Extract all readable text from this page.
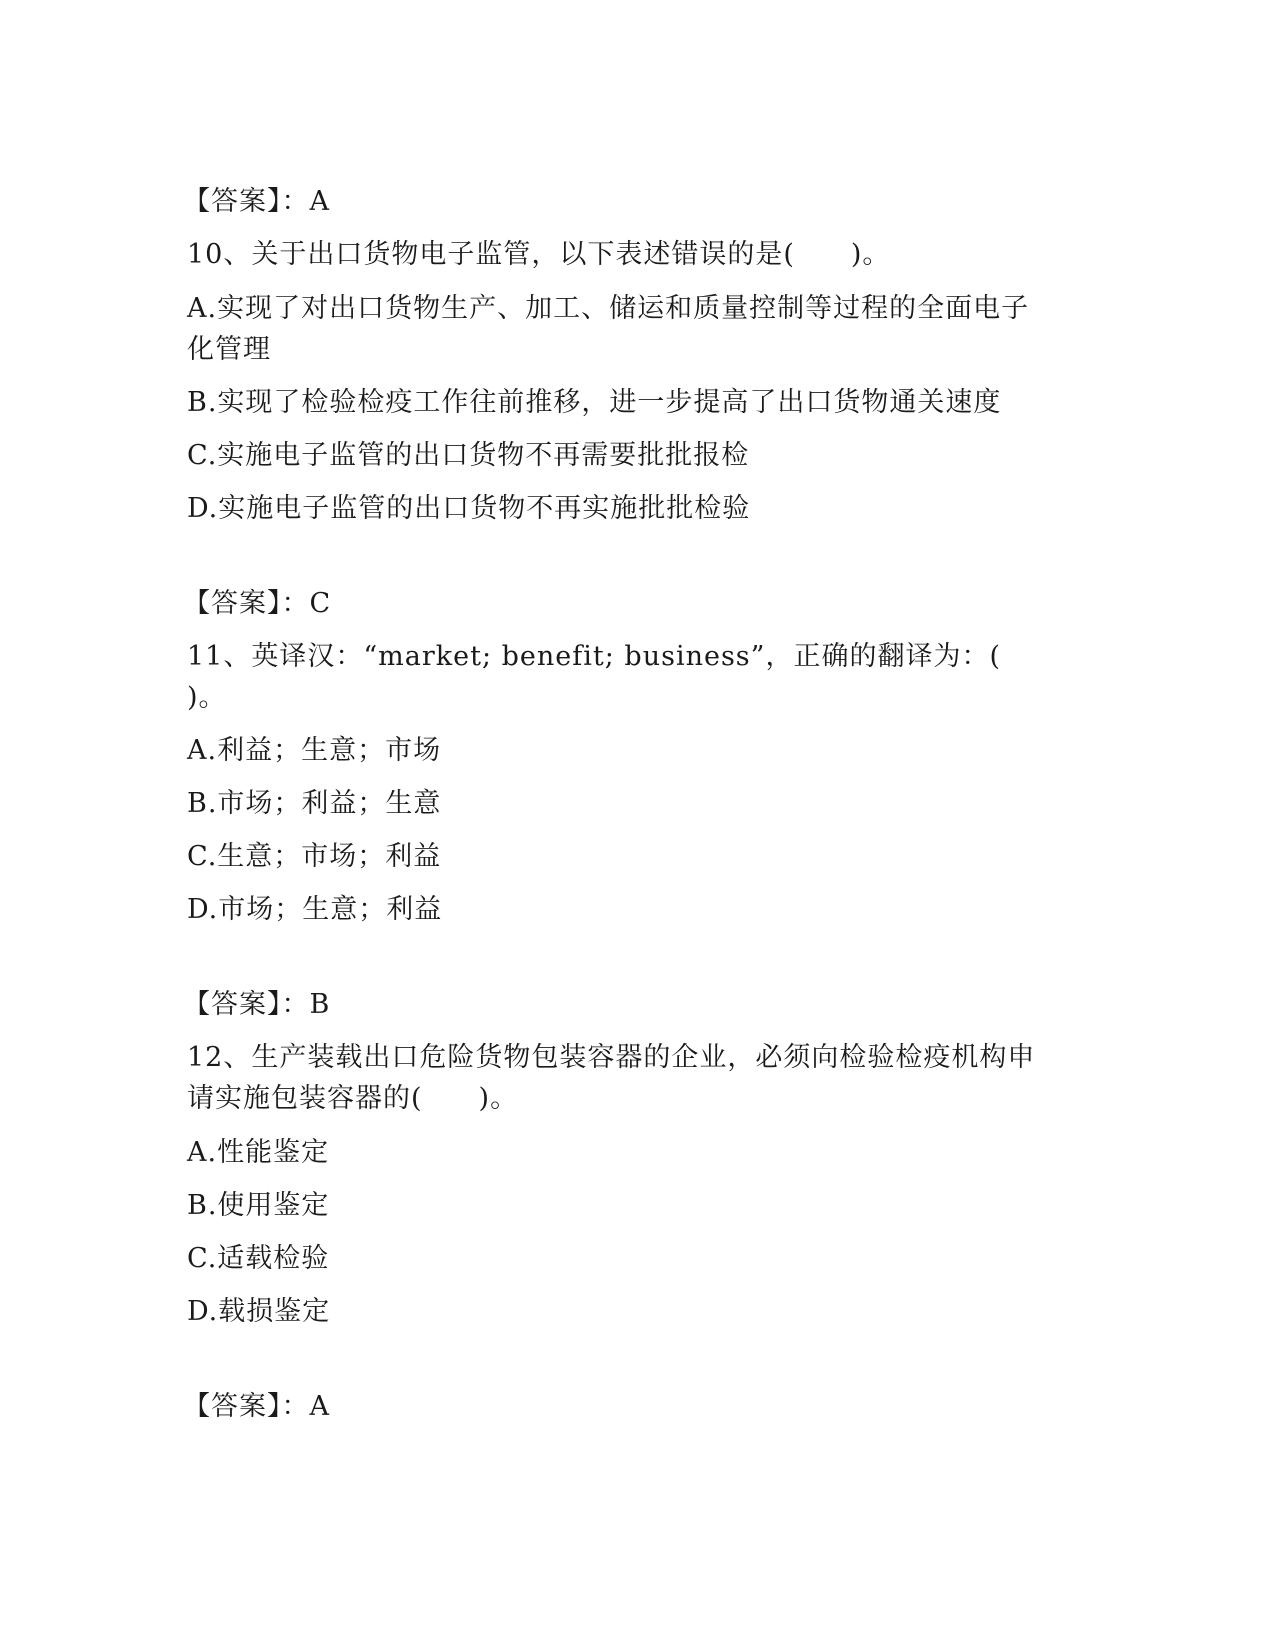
【答案】：A
10、关于出口货物电子监管，以下表述错误的是(　　)。
A.实现了对出口货物生产、加工、储运和质量控制等过程的全面电子
化管理
B.实现了检验检疫工作往前推移，进一步提高了出口货物通关速度
C.实施电子监管的出口货物不再需要批批报检
D.实施电子监管的出口货物不再实施批批检验
【答案】：C
11、英译汉：“market; benefit; business”，正确的翻译为：(
)。
A.利益；生意；市场
B.市场；利益；生意
C.生意；市场；利益
D.市场；生意；利益
【答案】：B
12、生产装载出口危险货物包装容器的企业，必须向检验检疫机构申
请实施包装容器的(　　)。
A.性能鉴定
B.使用鉴定
C.适载检验
D.载损鉴定
【答案】：A
